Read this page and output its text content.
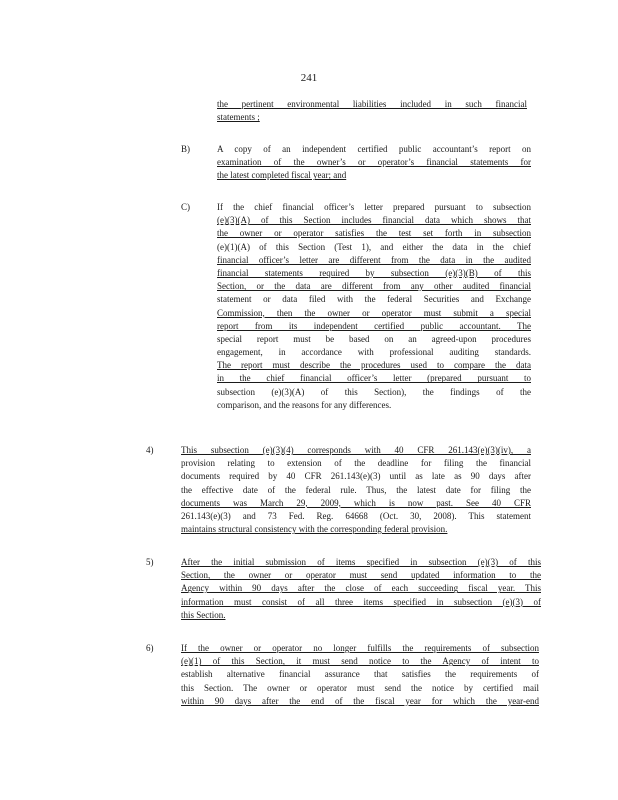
241
the pertinent environmental liabilities included in such financial
statements ;
B)	A copy of an independent certified public accountant’s report on
examination of the owner’s or operator’s financial statements for
the latest completed fiscal year; and
C)	If the chief financial officer’s letter prepared pursuant to subsection
(e)(3)(A) of this Section includes financial data which shows that
the owner or operator satisfies the test set forth in subsection
(e)(1)(A) of this Section (Test 1), and either the data in the chief
financial officer’s letter are different from the data in the audited
financial statements required by subsection (e)(3)(B) of this
Section, or the data are different from any other audited financial
statement or data filed with the federal Securities and Exchange
Commission, then the owner or operator must submit a special
report from its independent certified public accountant. The
special report must be based on an agreed-upon procedures
engagement, in accordance with professional auditing standards.
The report must describe the procedures used to compare the data
in the chief financial officer’s letter (prepared pursuant to
subsection (e)(3)(A) of this Section), the findings of the
comparison, and the reasons for any differences.
4)	This subsection (e)(3)(4) corresponds with 40 CFR 261.143(e)(3)(iv), a
provision relating to extension of the deadline for filing the financial
documents required by 40 CFR 261.143(e)(3) until as late as 90 days after
the effective date of the federal rule. Thus, the latest date for filing the
documents was March 29, 2009, which is now past. See 40 CFR
261.143(e)(3) and 73 Fed. Reg. 64668 (Oct. 30, 2008). This statement
maintains structural consistency with the corresponding federal provision.
5)	After the initial submission of items specified in subsection (e)(3) of this
Section, the owner or operator must send updated information to the
Agency within 90 days after the close of each succeeding fiscal year. This
information must consist of all three items specified in subsection (e)(3) of
this Section.
6)	If the owner or operator no longer fulfills the requirements of subsection
(e)(1) of this Section, it must send notice to the Agency of intent to
establish alternative financial assurance that satisfies the requirements of
this Section. The owner or operator must send the notice by certified mail
within 90 days after the end of the fiscal year for which the year-end
